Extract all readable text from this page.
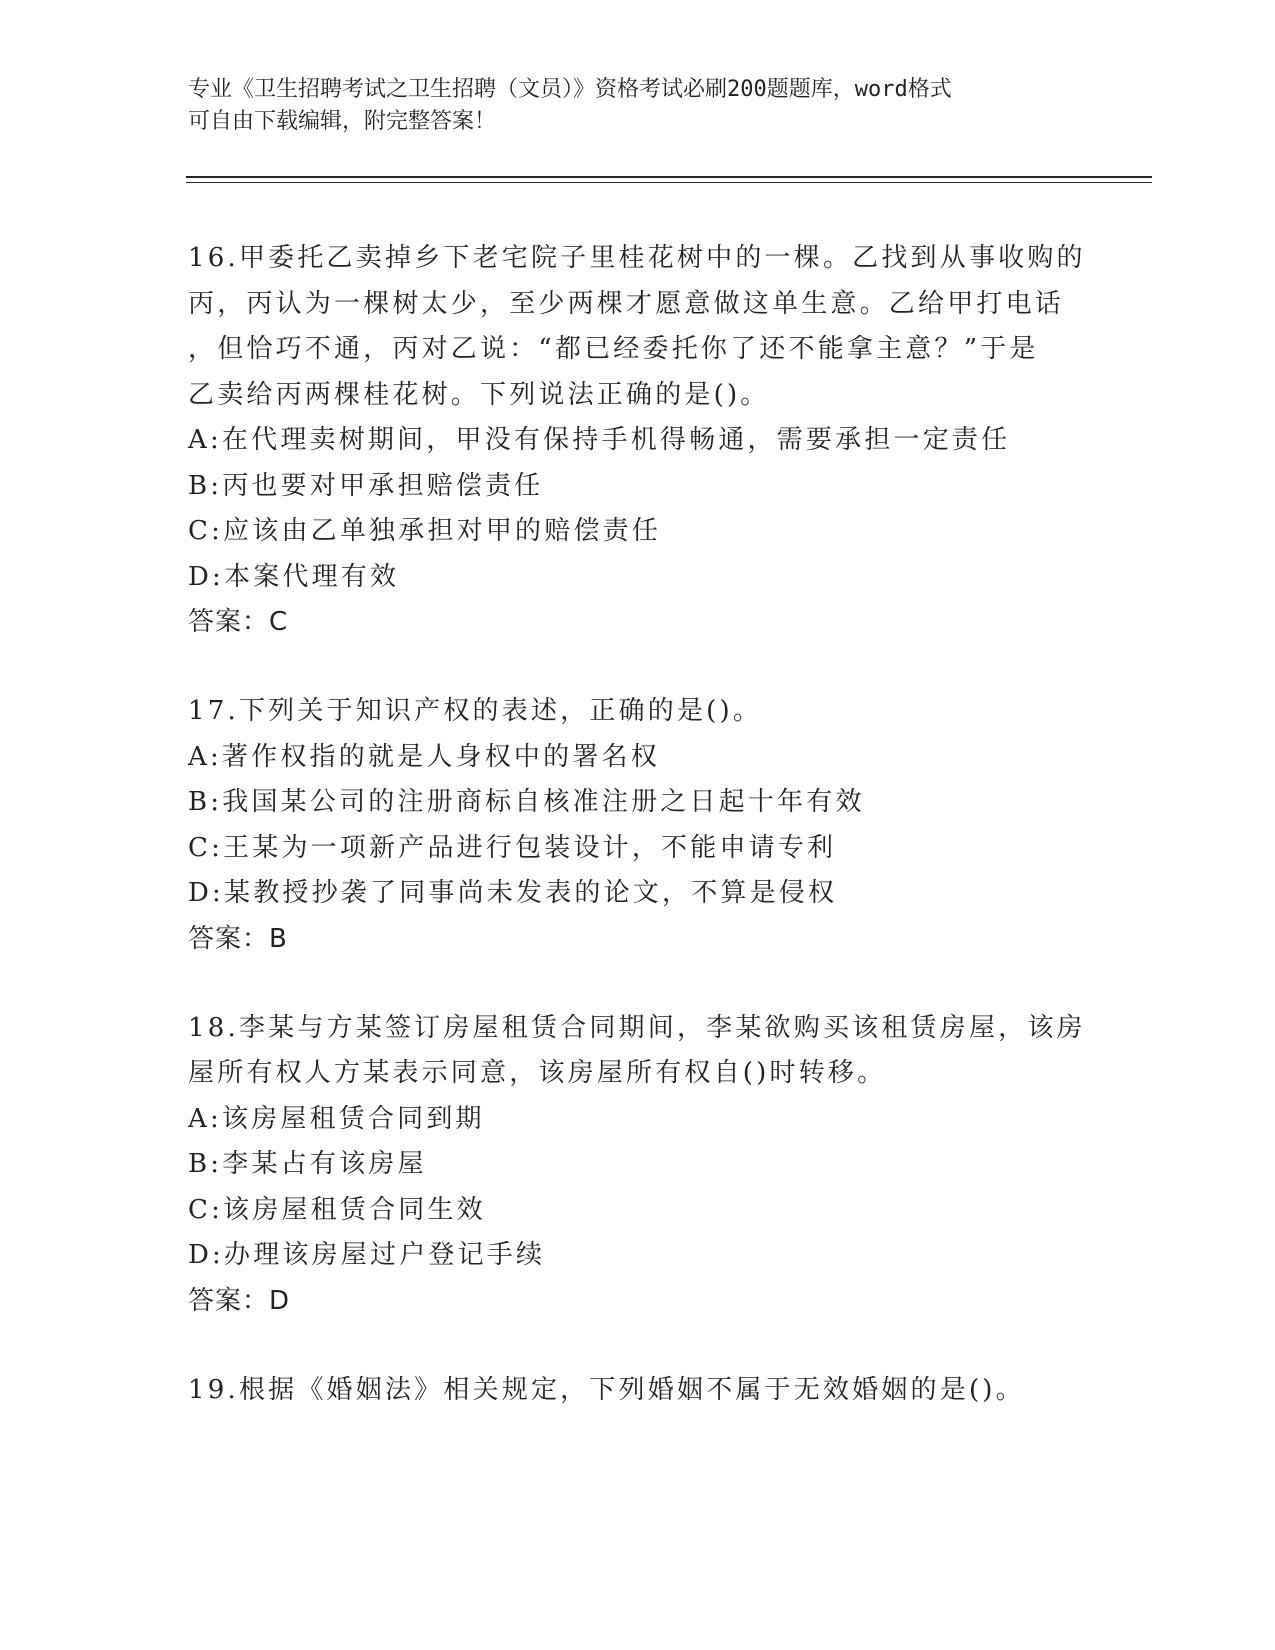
专业《卫生招聘考试之卫生招聘（文员）》资格考试必刷200题题库，word格式
可自由下载编辑，附完整答案！

16.甲委托乙卖掉乡下老宅院子里桂花树中的一棵。乙找到从事收购的

丙，丙认为一棵树太少，至少两棵才愿意做这单生意。乙给甲打电话

，但恰巧不通，丙对乙说：“都已经委托你了还不能拿主意？”于是

乙卖给丙两棵桂花树。下列说法正确的是()。

A:在代理卖树期间，甲没有保持手机得畅通，需要承担一定责任

B:丙也要对甲承担赔偿责任

C:应该由乙单独承担对甲的赔偿责任

D:本案代理有效

答案：C

17.下列关于知识产权的表述，正确的是()。

A:著作权指的就是人身权中的署名权

B:我国某公司的注册商标自核准注册之日起十年有效

C:王某为一项新产品进行包装设计，不能申请专利

D:某教授抄袭了同事尚未发表的论文，不算是侵权

答案：B

18.李某与方某签订房屋租赁合同期间，李某欲购买该租赁房屋，该房

屋所有权人方某表示同意，该房屋所有权自()时转移。

A:该房屋租赁合同到期

B:李某占有该房屋

C:该房屋租赁合同生效

D:办理该房屋过户登记手续

答案：D

19.根据《婚姻法》相关规定，下列婚姻不属于无效婚姻的是()。
